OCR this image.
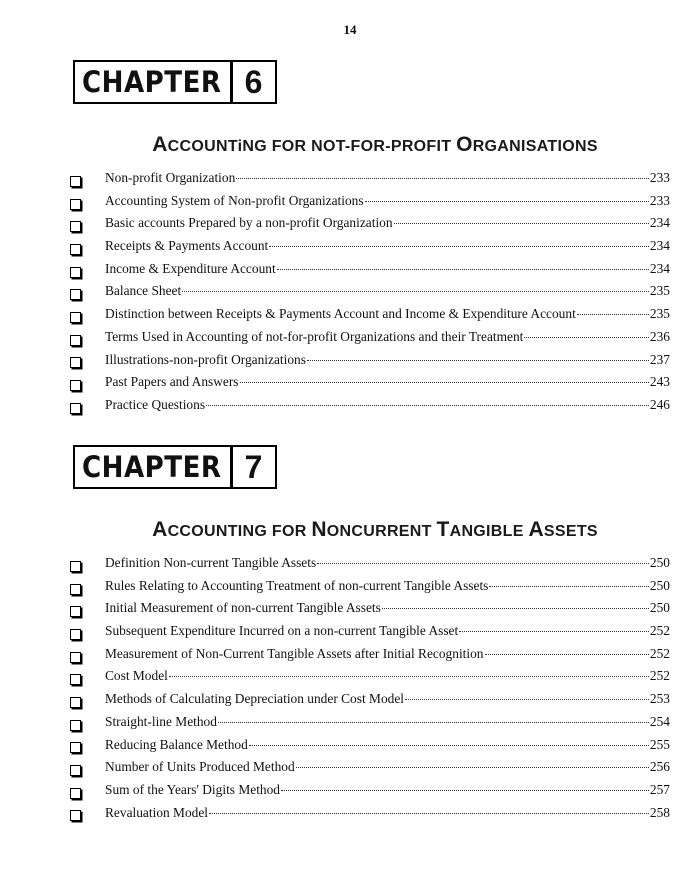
14
CHAPTER 6
ACCOUNTiNG FOR NOT-FOR-PROFIT ORGANISATIONS
Non-profit Organization	233
Accounting System of Non-profit Organizations	233
Basic accounts Prepared by a non-profit Organization	234
Receipts & Payments Account	234
Income & Expenditure Account	234
Balance Sheet	235
Distinction between Receipts & Payments Account and Income & Expenditure Account	235
Terms Used in Accounting of not-for-profit Organizations and their Treatment	236
Illustrations-non-profit Organizations	237
Past Papers and Answers	243
Practice Questions	246
CHAPTER 7
ACCOUNTING FOR NONCURRENT TANGIBLE ASSETS
Definition Non-current Tangible Assets	250
Rules Relating to Accounting Treatment of non-current Tangible Assets	250
Initial Measurement of non-current Tangible Assets	250
Subsequent Expenditure Incurred on a non-current Tangible Asset	252
Measurement of Non-Current Tangible Assets after Initial Recognition	252
Cost Model	252
Methods of Calculating Depreciation under Cost Model	253
Straight-line Method	254
Reducing Balance Method	255
Number of Units Produced Method	256
Sum of the Years' Digits Method	257
Revaluation Model	258
